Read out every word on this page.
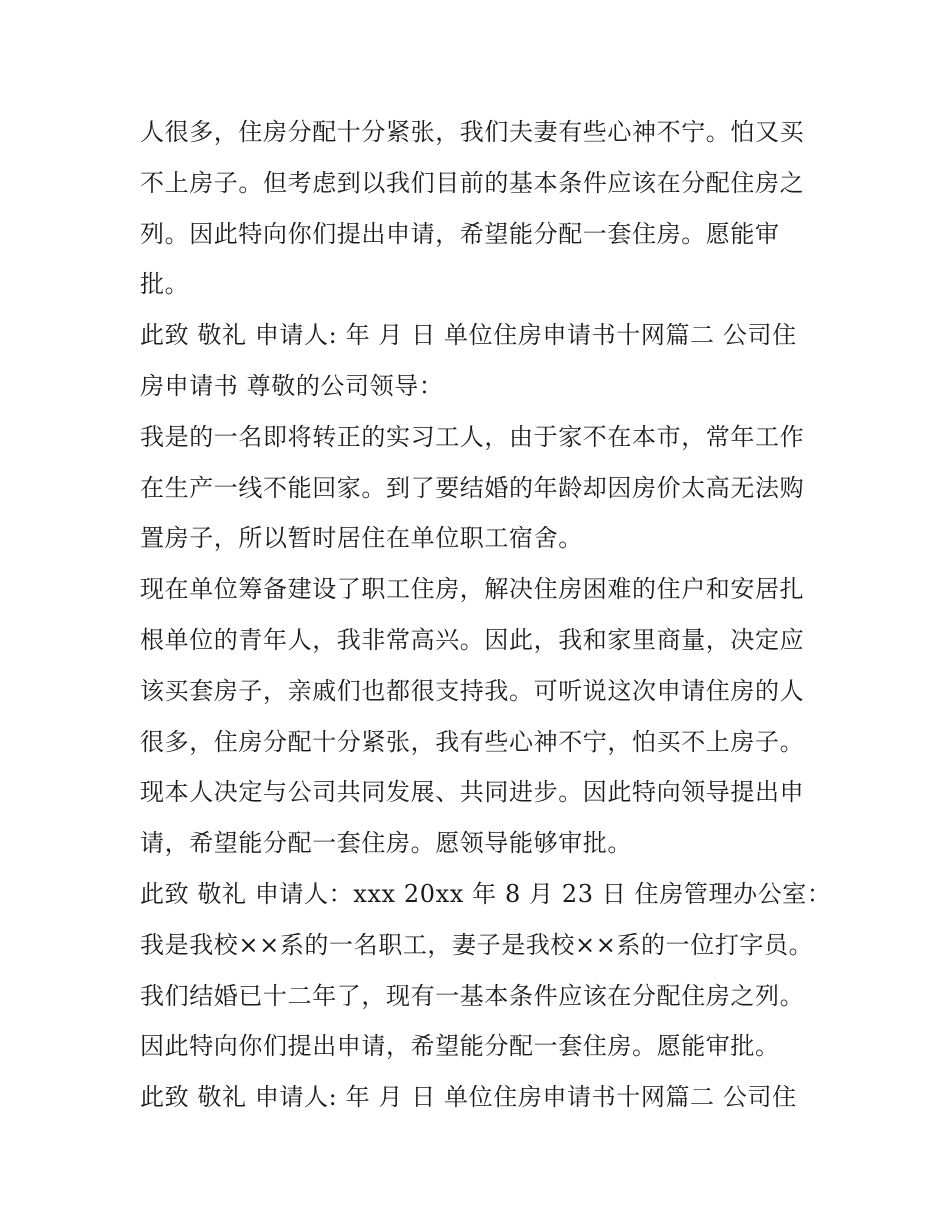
人很多，住房分配十分紧张，我们夫妻有些心神不宁。怕又买

不上房子。但考虑到以我们目前的基本条件应该在分配住房之

列。因此特向你们提出申请，希望能分配一套住房。愿能审

批。

此致 敬礼 申请人: 年 月 日 单位住房申请书十网篇二 公司住

房申请书 尊敬的公司领导：

我是的一名即将转正的实习工人，由于家不在本市，常年工作

在生产一线不能回家。到了要结婚的年龄却因房价太高无法购

置房子，所以暂时居住在单位职工宿舍。

现在单位筹备建设了职工住房，解决住房困难的住户和安居扎

根单位的青年人，我非常高兴。因此，我和家里商量，决定应

该买套房子，亲戚们也都很支持我。可听说这次申请住房的人

很多，住房分配十分紧张，我有些心神不宁，怕买不上房子。

现本人决定与公司共同发展、共同进步。因此特向领导提出申

请，希望能分配一套住房。愿领导能够审批。

此致 敬礼 申请人：xxx 20xx 年 8 月 23 日 住房管理办公室：

我是我校××系的一名职工，妻子是我校××系的一位打字员。

我们结婚已十二年了，现有一基本条件应该在分配住房之列。

因此特向你们提出申请，希望能分配一套住房。愿能审批。

此致 敬礼 申请人: 年 月 日 单位住房申请书十网篇二 公司住
